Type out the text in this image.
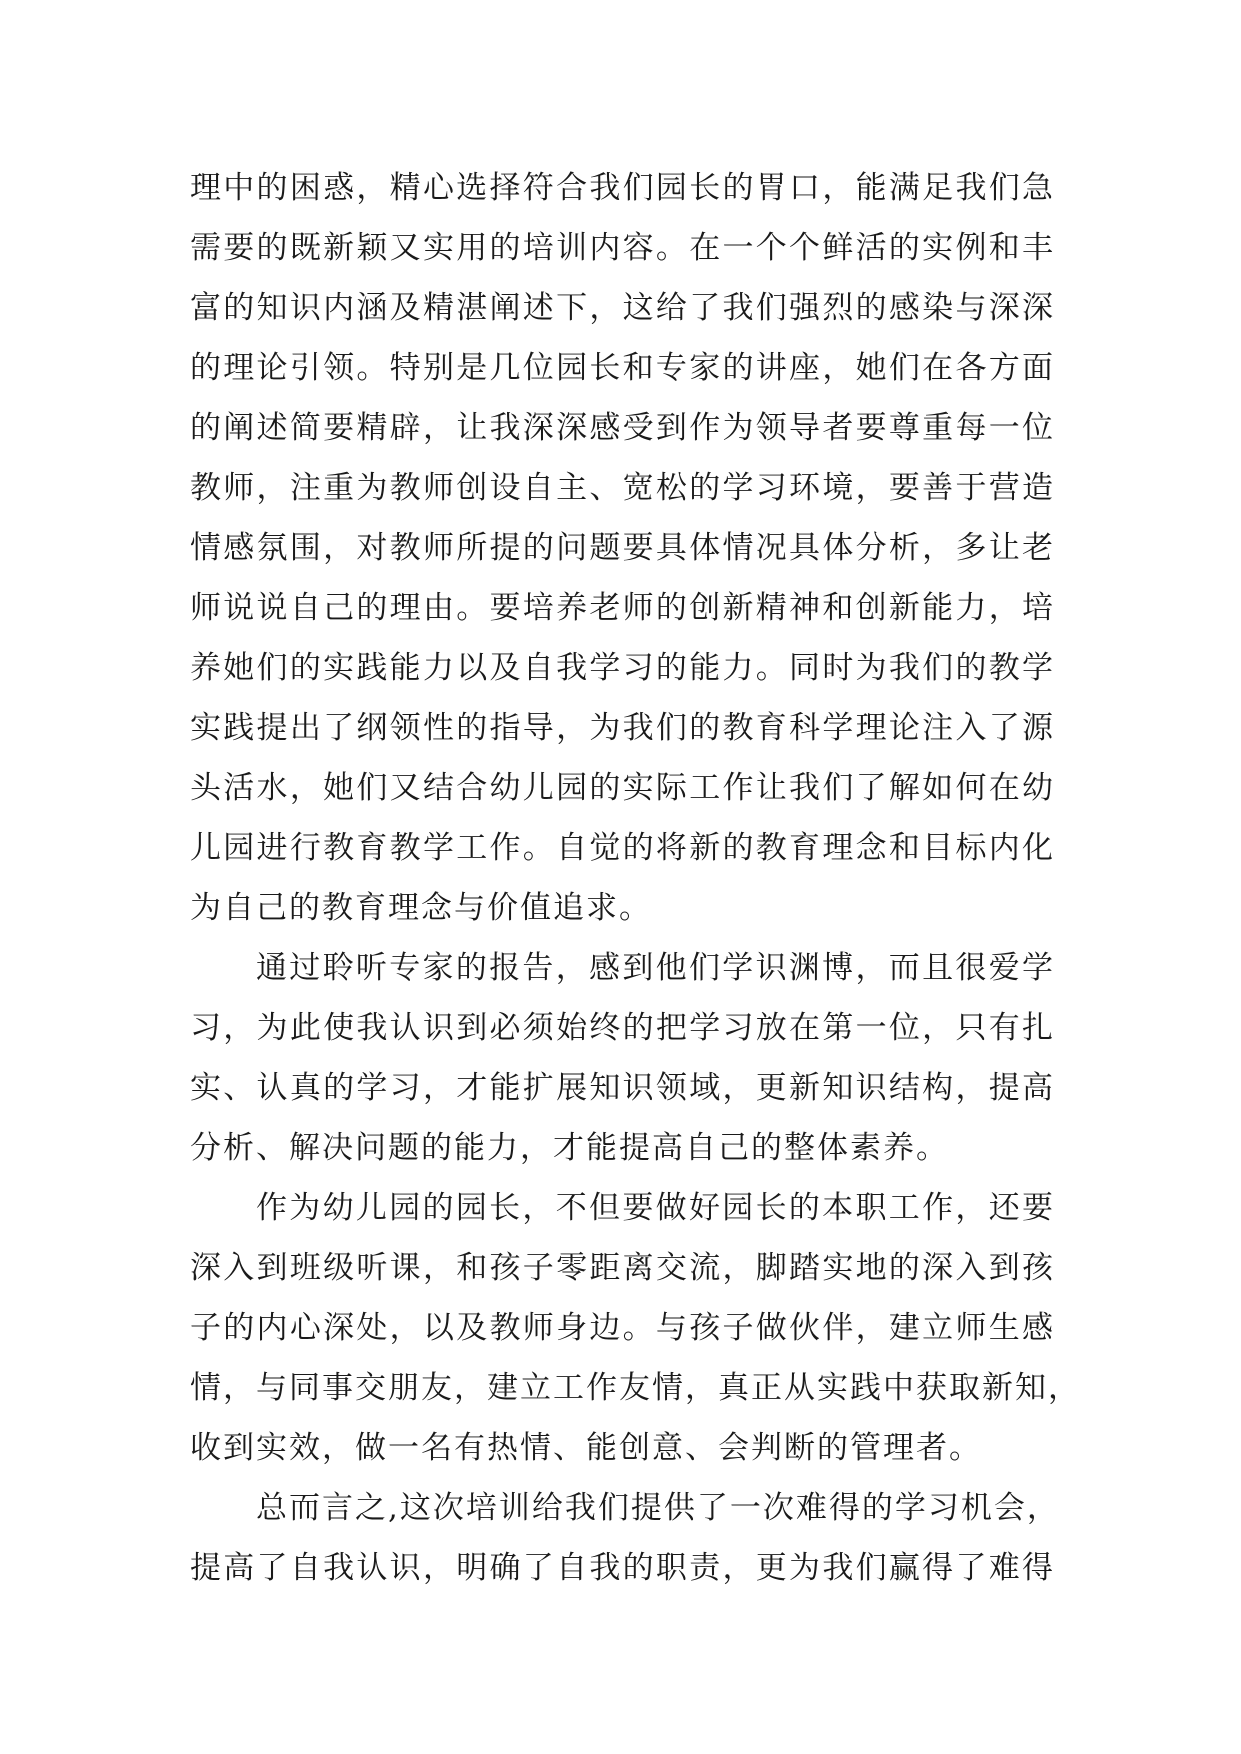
理中的困惑，精心选择符合我们园长的胃口，能满足我们急
需要的既新颖又实用的培训内容。在一个个鲜活的实例和丰
富的知识内涵及精湛阐述下，这给了我们强烈的感染与深深
的理论引领。特别是几位园长和专家的讲座，她们在各方面
的阐述简要精辟，让我深深感受到作为领导者要尊重每一位
教师，注重为教师创设自主、宽松的学习环境，要善于营造
情感氛围，对教师所提的问题要具体情况具体分析，多让老
师说说自己的理由。要培养老师的创新精神和创新能力，培
养她们的实践能力以及自我学习的能力。同时为我们的教学
实践提出了纲领性的指导，为我们的教育科学理论注入了源
头活水，她们又结合幼儿园的实际工作让我们了解如何在幼
儿园进行教育教学工作。自觉的将新的教育理念和目标内化
为自己的教育理念与价值追求。
通过聆听专家的报告，感到他们学识渊博，而且很爱学
习，为此使我认识到必须始终的把学习放在第一位，只有扎
实、认真的学习，才能扩展知识领域，更新知识结构，提高
分析、解决问题的能力，才能提高自己的整体素养。
作为幼儿园的园长，不但要做好园长的本职工作，还要
深入到班级听课，和孩子零距离交流，脚踏实地的深入到孩
子的内心深处，以及教师身边。与孩子做伙伴，建立师生感
情，与同事交朋友，建立工作友情，真正从实践中获取新知，
收到实效，做一名有热情、能创意、会判断的管理者。
总而言之,这次培训给我们提供了一次难得的学习机会，
提高了自我认识，明确了自我的职责，更为我们赢得了难得
